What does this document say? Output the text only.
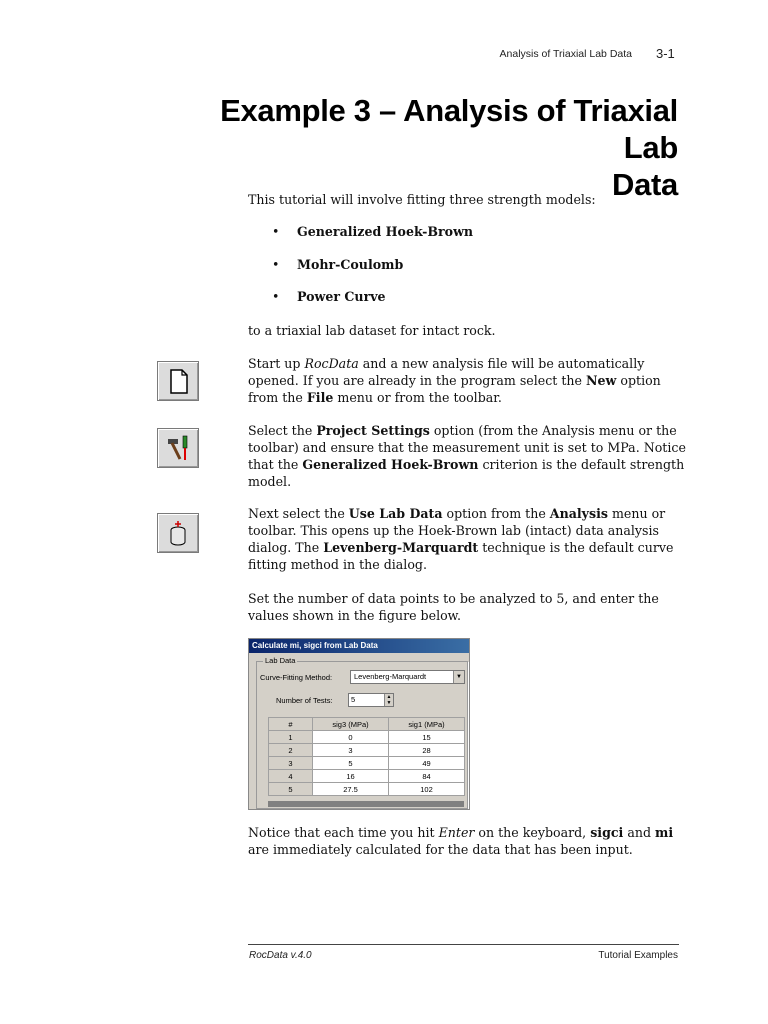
Analysis of Triaxial Lab Data 3-1
Example 3 – Analysis of Triaxial Lab
Data
This tutorial will involve fitting three strength models:
• Generalized Hoek-Brown
• Mohr-Coulomb
• Power Curve
to a triaxial lab dataset for intact rock.
Start up RocData and a new analysis file will be automatically opened. If you are already in the program select the New option from the File menu or from the toolbar.
Select the Project Settings option (from the Analysis menu or the toolbar) and ensure that the measurement unit is set to MPa. Notice that the Generalized Hoek-Brown criterion is the default strength model.
Next select the Use Lab Data option from the Analysis menu or toolbar. This opens up the Hoek-Brown lab (intact) data analysis dialog. The Levenberg-Marquardt technique is the default curve fitting method in the dialog.
Set the number of data points to be analyzed to 5, and enter the values shown in the figure below.
Calculate mi, sigci from Lab Data
Lab Data
Curve-Fitting Method:	Levenberg-Marquardt	▼
Number of Tests: 5	▲
▼
#	sig3 (MPa)	sig1 (MPa)
1	0	15
2	3	28
3	5	49
4	16	84
5	27.5	102
Notice that each time you hit Enter on the keyboard, sigci and mi are immediately calculated for the data that has been input.
RocData v.4.0	Tutorial Examples
